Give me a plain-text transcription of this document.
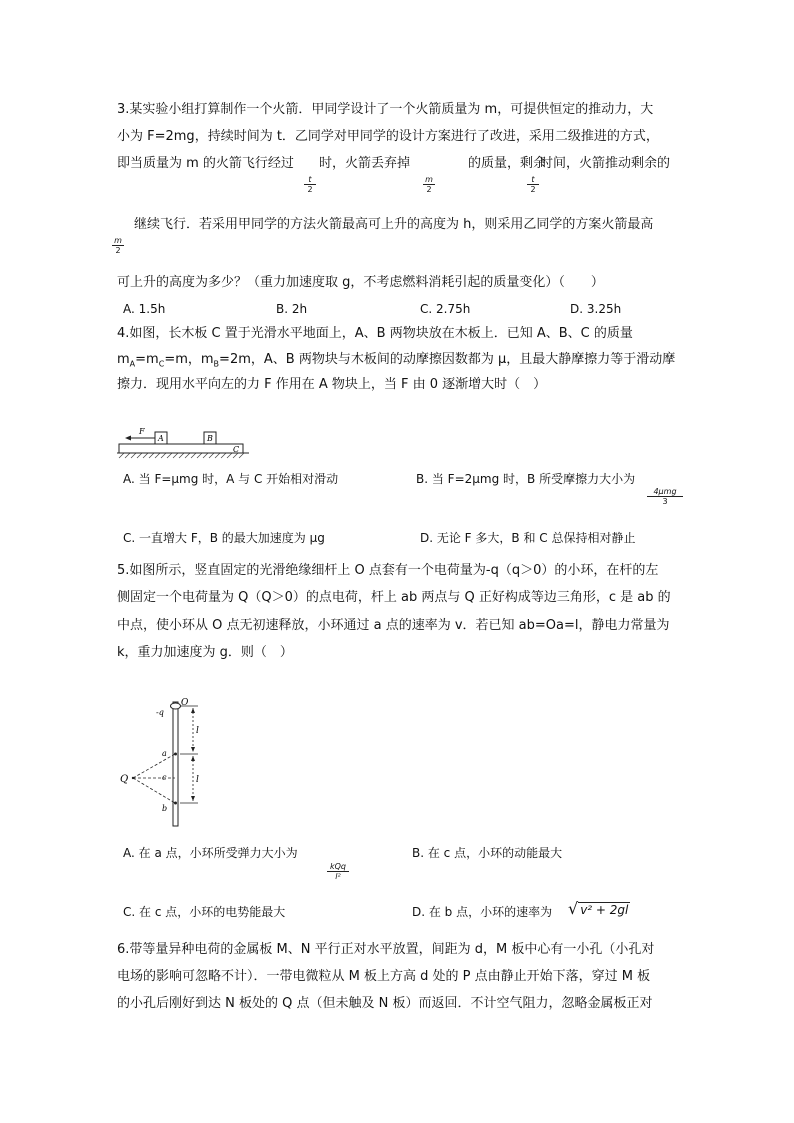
3.某实验小组打算制作一个火箭．甲同学设计了一个火箭质量为 m，可提供恒定的推动力，大
小为 F=2mg，持续时间为 t．乙同学对甲同学的设计方案进行了改进，采用二级推进的方式，
即当质量为 m 的火箭飞行经过 时，火箭丢弃掉	的质量，剩余
时间，火箭推动剩余的
$\frac{t}{2}$	$\frac{m}{2}$	$\frac{t}{2}$
继续飞行．若采用甲同学的方法火箭最高可上升的高度为 h，则采用乙同学的方案火箭最高
$\frac{m}{2}$
可上升的高度为多少？（重力加速度取 g，不考虑燃料消耗引起的质量变化）（　　）
A. 1.5h	B. 2h	C. 2.75h	D. 3.25h
4.如图，长木板 C 置于光滑水平地面上，A、B 两物块放在木板上．已知 A、B、C 的质量
$m_A=m_C=m$，$m_B=2m$，A、B 两物块与木板间的动摩擦因数都为 μ，且最大静摩擦力等于滑动摩
擦力．现用水平向左的力 F 作用在 A 物块上，当 F 由 0 逐渐增大时（　）
C
A	B
F
A. 当 F=μmg 时，A 与 C 开始相对滑动	B. 当 F=2μmg 时，B 所受摩擦力大小为
4μmg
3
C. 一直增大 F，B 的最大加速度为 μg	D. 无论 F 多大，B 和 C 总保持相对静止
5.如图所示，竖直固定的光滑绝缘细杆上 O 点套有一个电荷量为-q（q＞0）的小环，在杆的左
侧固定一个电荷量为 Q（Q＞0）的点电荷，杆上 ab 两点与 Q 正好构成等边三角形，c 是 ab 的
中点，使小环从 O 点无初速释放，小环通过 a 点的速率为 v．若已知 ab=Oa=l，静电力常量为
k，重力加速度为 g．则（　）
O
-q
a
c
b
Q
l
l
A. 在 a 点，小环所受弹力大小为
kQq
l²
B. 在 c 点，小环的动能最大
C. 在 c 点，小环的电势能最大	D. 在 b 点，小环的速率为 √ v² + 2gl
6.带等量异种电荷的金属板 M、N 平行正对水平放置，间距为 d，M 板中心有一小孔（小孔对
电场的影响可忽略不计）．一带电微粒从 M 板上方高 d 处的 P 点由静止开始下落，穿过 M 板
的小孔后刚好到达 N 板处的 Q 点（但未触及 N 板）而返回．不计空气阻力，忽略金属板正对
